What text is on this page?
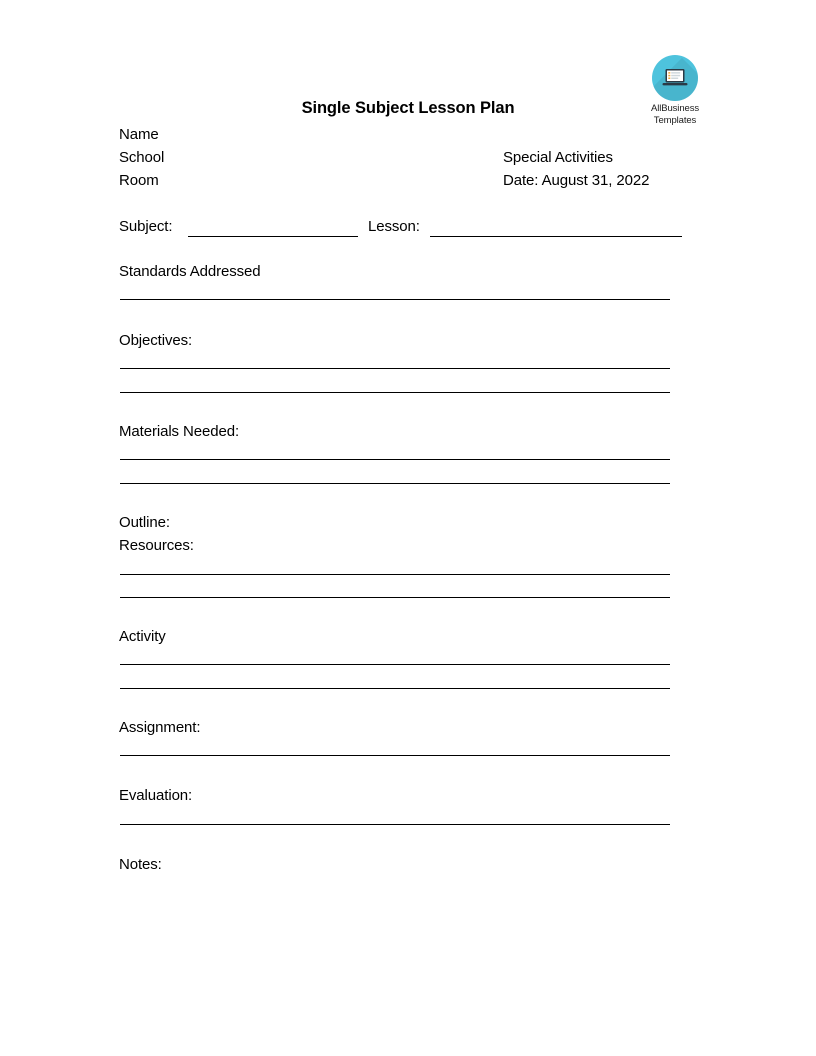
AllBusiness
Templates
Single Subject Lesson Plan
Name
School
Room
Special Activities
Date: August 31, 2022
Subject:	Lesson:
Standards Addressed
Objectives:
Materials Needed:
Outline:
Resources:
Activity
Assignment:
Evaluation:
Notes:
